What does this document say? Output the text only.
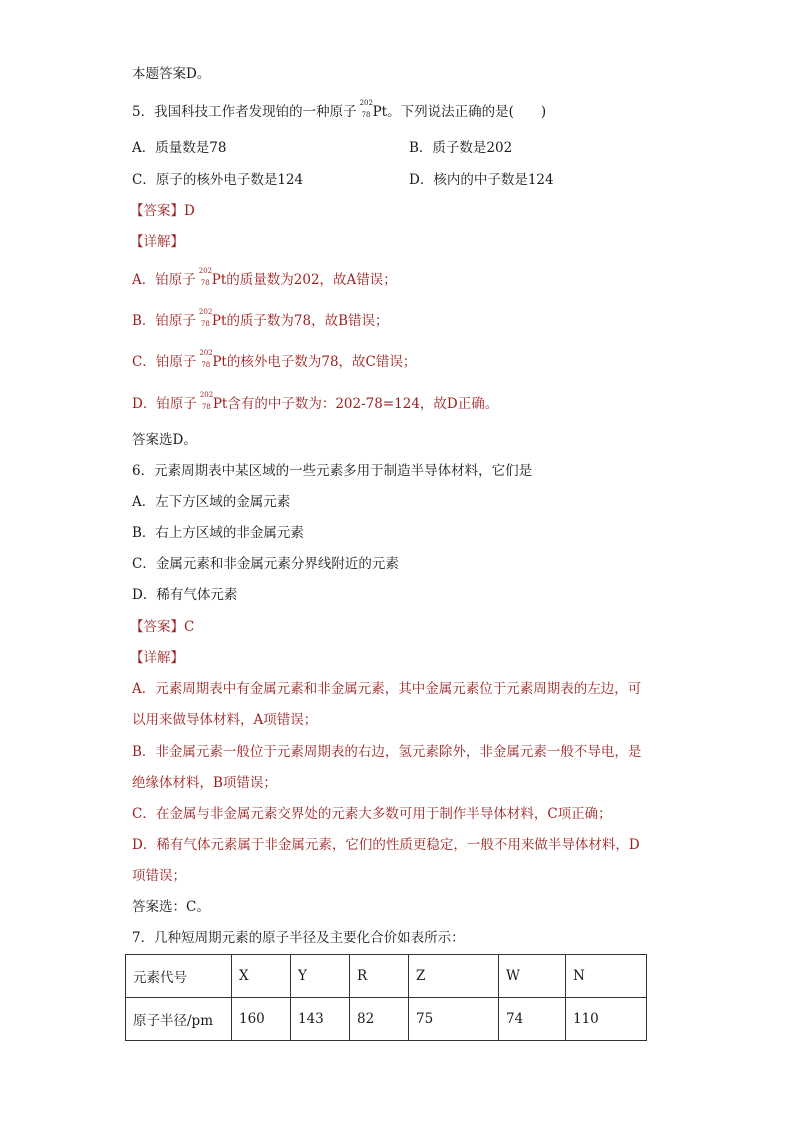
本题答案D。
5．我国科技工作者发现铂的一种原子
202
78 Pt。下列说法正确的是(　　)
A．质量数是78	B．质子数是202
C．原子的核外电子数是124	D．核内的中子数是124
【答案】D
【详解】
A．铂原子
202
78 Pt的质量数为202，故A错误；
B．铂原子
202
78 Pt的质子数为78，故B错误；
C．铂原子
202
78 Pt的核外电子数为78，故C错误；
D．铂原子
202
78 Pt含有的中子数为：202-78=124，故D正确。
答案选D。
6．元素周期表中某区域的一些元素多用于制造半导体材料，它们是
A．左下方区域的金属元素
B．右上方区域的非金属元素
C．金属元素和非金属元素分界线附近的元素
D．稀有气体元素
【答案】C
【详解】
A．元素周期表中有金属元素和非金属元素，其中金属元素位于元素周期表的左边，可
以用来做导体材料，A项错误；
B．非金属元素一般位于元素周期表的右边，氢元素除外，非金属元素一般不导电，是
绝缘体材料，B项错误；
C．在金属与非金属元素交界处的元素大多数可用于制作半导体材料，C项正确；
D．稀有气体元素属于非金属元素，它们的性质更稳定，一般不用来做半导体材料，D
项错误；
答案选：C。
7．几种短周期元素的原子半径及主要化合价如表所示：
元素代号	X	Y	R	Z	W	N
原子半径/pm	160	143	82	75	74	110
